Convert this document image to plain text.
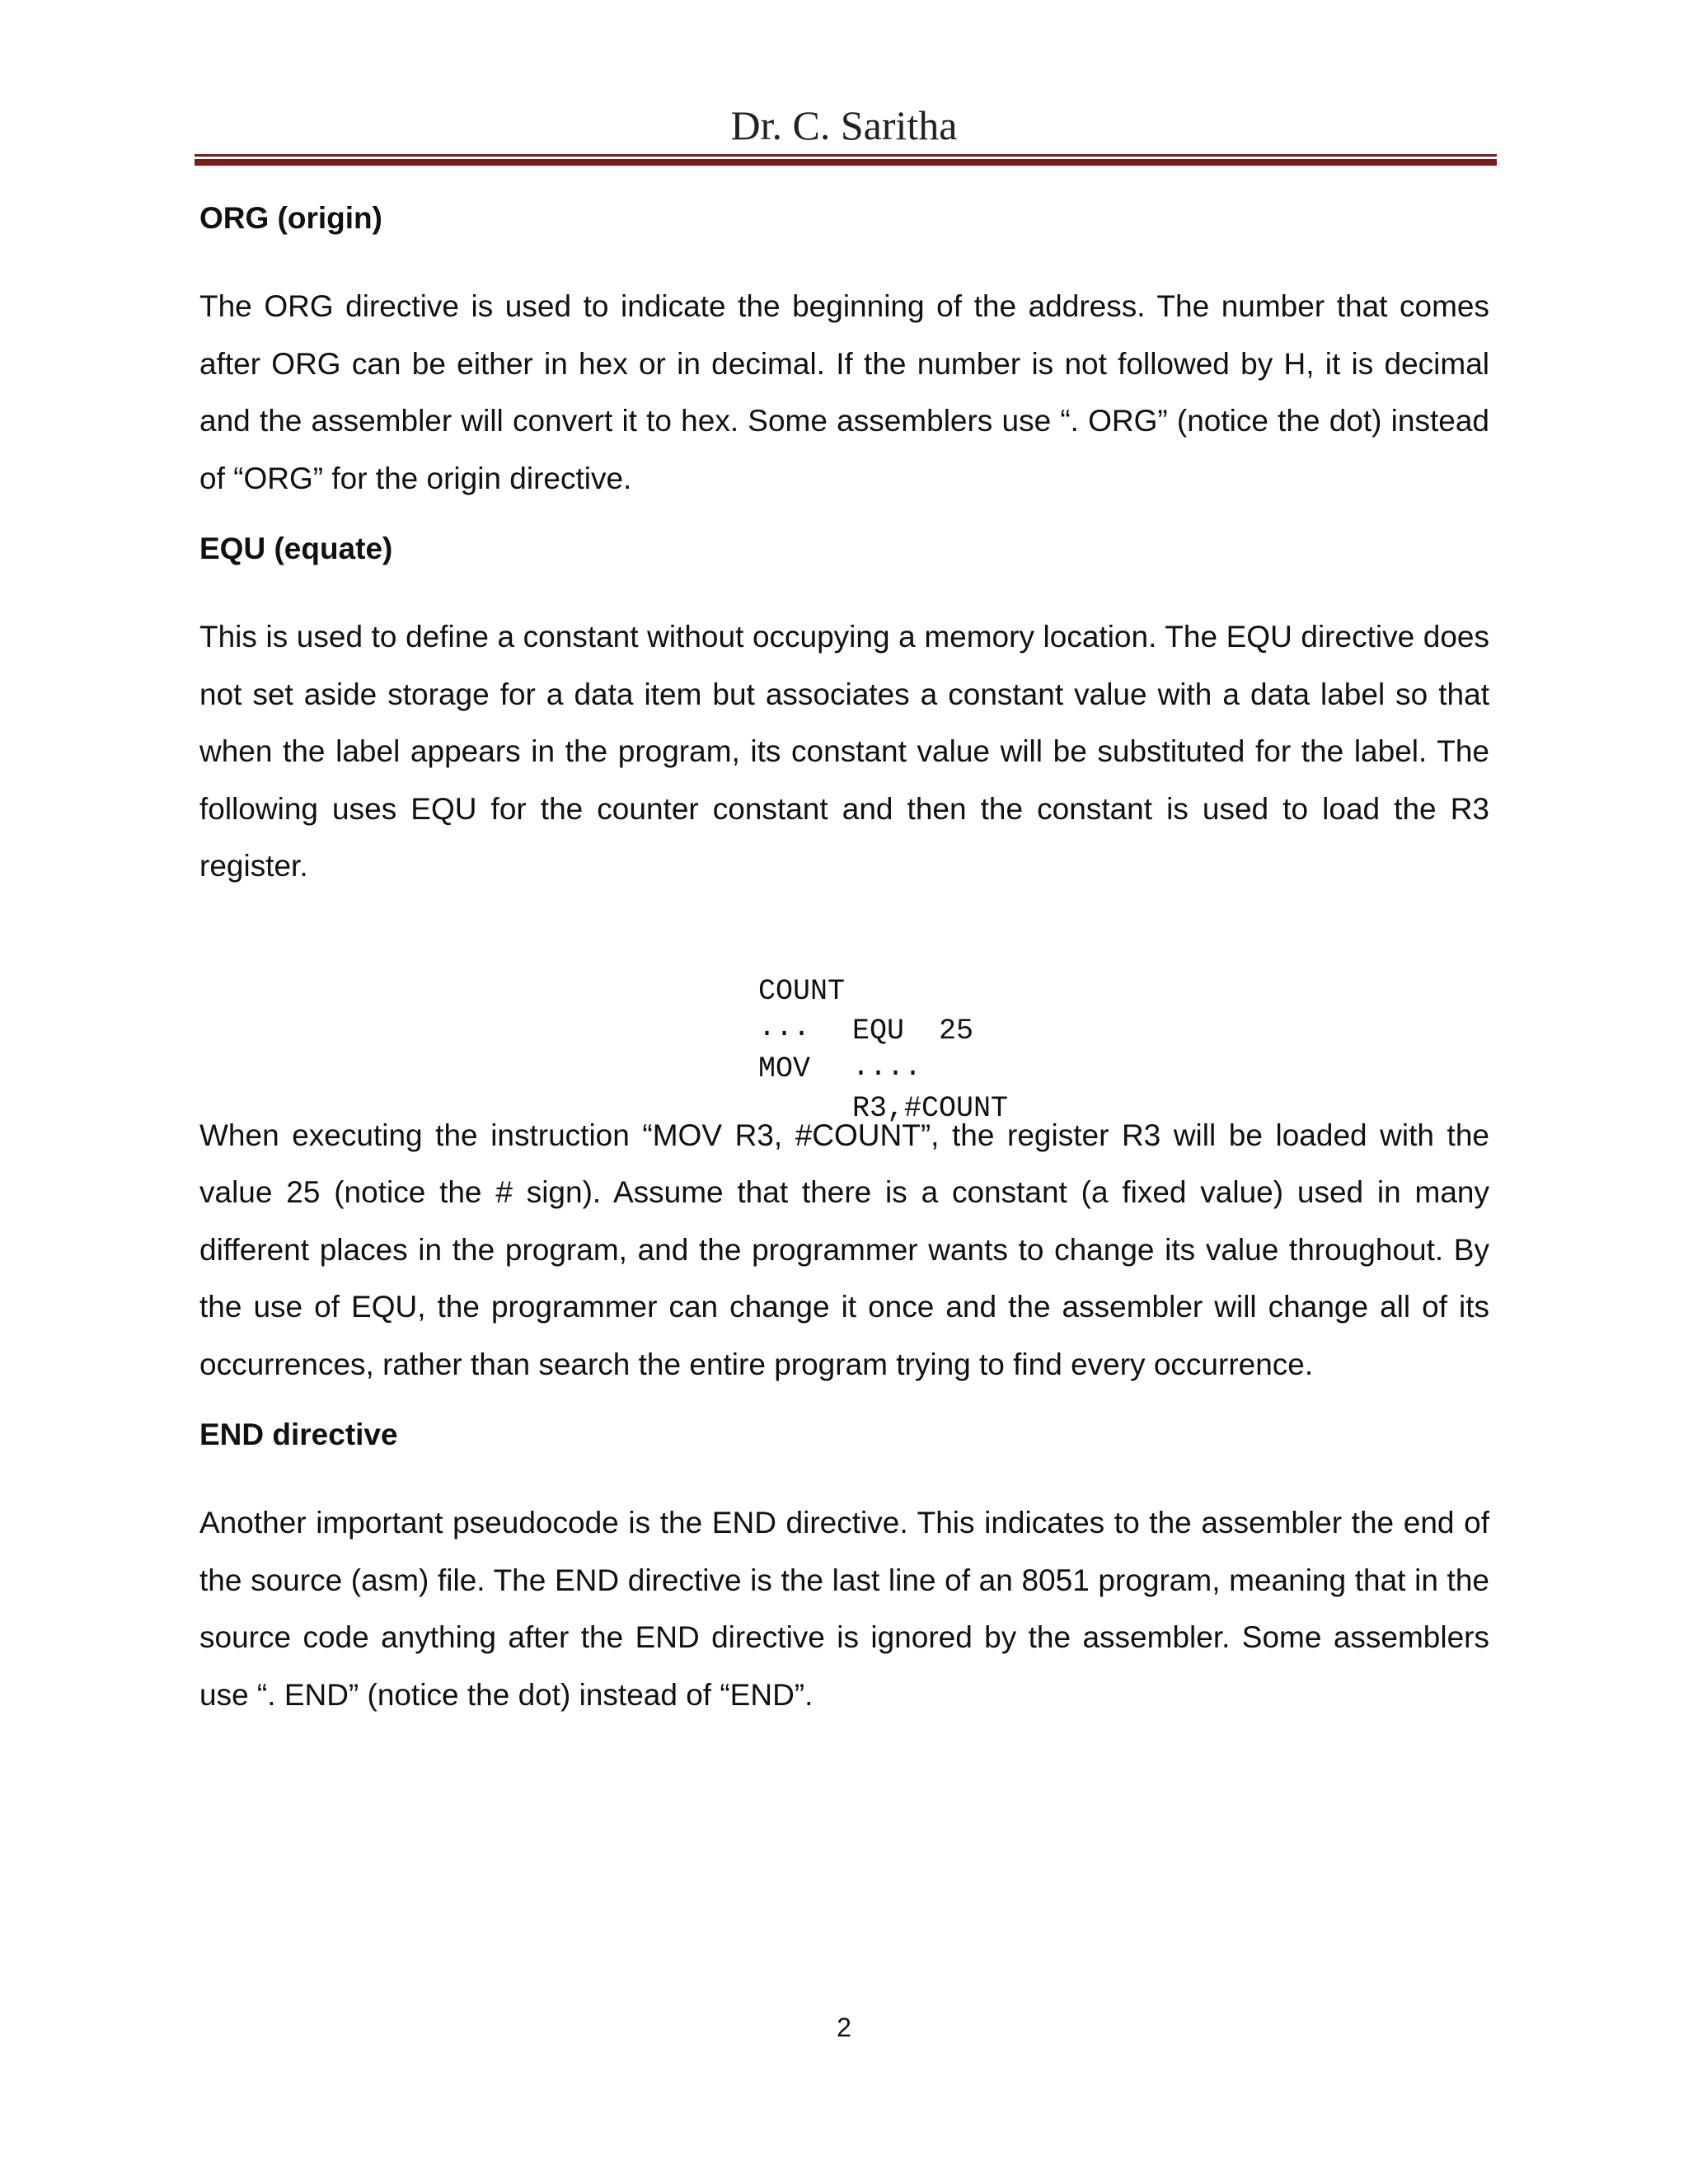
Dr. C. Saritha
ORG (origin)

The ORG directive is used to indicate the beginning of the address. The number that comes after ORG can be either in hex or in decimal. If the number is not followed by H, it is decimal and the assembler will convert it to hex. Some assemblers use “. ORG” (notice the dot) instead of “ORG” for the origin directive.

EQU (equate)

This is used to define a constant without occupying a memory location. The EQU directive does not set aside storage for a data item but associates a constant value with a data label so that when the label appears in the program, its constant value will be substituted for the label. The following uses EQU for the counter constant and then the constant is used to load the R3 register.

COUNT

EQU  25

...

....

MOV

R3,#COUNT

When executing the instruction “MOV R3, #COUNT”, the register R3 will be loaded with the value 25 (notice the # sign). Assume that there is a constant (a fixed value) used in many different places in the program, and the programmer wants to change its value throughout. By the use of EQU, the programmer can change it once and the assembler will change all of its occurrences, rather than search the entire program trying to find every occurrence.

END directive

Another important pseudocode is the END directive. This indicates to the assembler the end of the source (asm) file. The END directive is the last line of an 8051 program, meaning that in the source code anything after the END directive is ignored by the assembler. Some assemblers use “. END” (notice the dot) instead of “END”.

2
